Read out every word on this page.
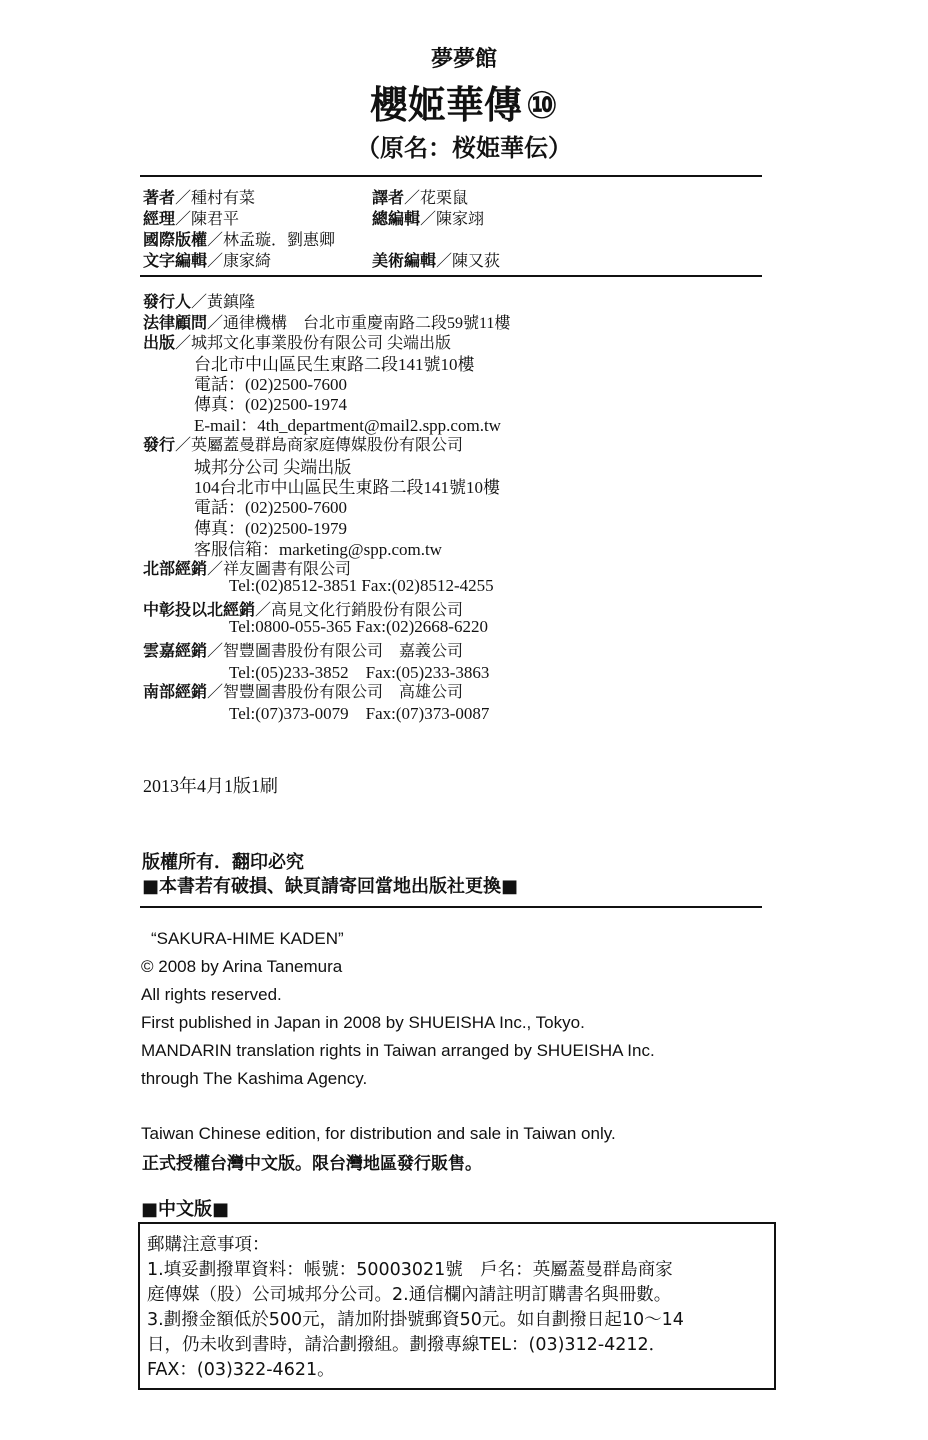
夢夢館
櫻姬華傳 ⑩
（原名：桜姫華伝）
著者／種村有菜	譯者／花栗鼠
經理／陳君平	總編輯／陳家翊
國際版權／林孟璇．劉惠卿
文字編輯／康家綺	美術編輯／陳又荻
發行人／黃鎮隆
法律顧問／通律機構　台北市重慶南路二段59號11樓
出版／城邦文化事業股份有限公司 尖端出版
台北市中山區民生東路二段141號10樓
電話：(02)2500-7600
傳真：(02)2500-1974
E-mail：4th_department@mail2.spp.com.tw
發行／英屬蓋曼群島商家庭傳媒股份有限公司
城邦分公司 尖端出版
104台北市中山區民生東路二段141號10樓
電話：(02)2500-7600
傳真：(02)2500-1979
客服信箱：marketing@spp.com.tw
北部經銷／祥友圖書有限公司
Tel:(02)8512-3851 Fax:(02)8512-4255
中彰投以北經銷／高見文化行銷股份有限公司
Tel:0800-055-365 Fax:(02)2668-6220
雲嘉經銷／智豐圖書股份有限公司　嘉義公司
Tel:(05)233-3852　Fax:(05)233-3863
南部經銷／智豐圖書股份有限公司　高雄公司
Tel:(07)373-0079　Fax:(07)373-0087
2013年4月1版1刷
版權所有．翻印必究
■本書若有破損、缺頁請寄回當地出版社更換■
“SAKURA-HIME KADEN”
© 2008 by Arina Tanemura
All rights reserved.
First published in Japan in 2008 by SHUEISHA Inc., Tokyo.
MANDARIN translation rights in Taiwan arranged by SHUEISHA Inc.
through The Kashima Agency.
Taiwan Chinese edition, for distribution and sale in Taiwan only.
正式授權台灣中文版。限台灣地區發行販售。
■中文版■
郵購注意事項：
1.填妥劃撥單資料：帳號：50003021號　戶名：英屬蓋曼群島商家
庭傳媒（股）公司城邦分公司。2.通信欄內請註明訂購書名與冊數。
3.劃撥金額低於500元，請加附掛號郵資50元。如自劃撥日起10～14
日，仍未收到書時，請洽劃撥組。劃撥專線TEL：(03)312-4212．
FAX：(03)322-4621。
